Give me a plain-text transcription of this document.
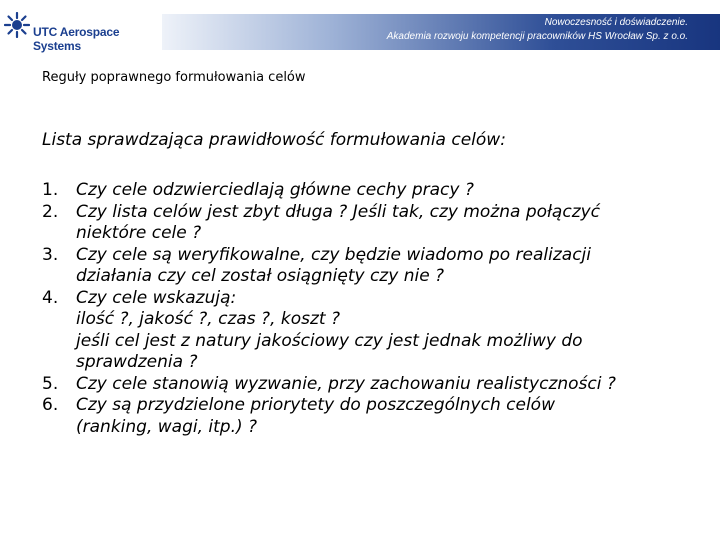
UTC Aerospace Systems
Nowoczesność i doświadczenie.
Akademia rozwoju kompetencji pracowników HS Wrocław Sp. z o.o.
Reguły poprawnego formułowania celów
Lista sprawdzająca prawidłowość formułowania celów:
1.	Czy cele odzwierciedlają główne cechy pracy ?
2.	Czy lista celów jest zbyt długa ? Jeśli tak, czy można połączyć
niektóre cele ?
3.	Czy cele są weryfikowalne, czy będzie wiadomo po realizacji
działania czy cel został osiągnięty czy nie ?
4.	Czy cele wskazują:
ilość ?, jakość ?, czas ?, koszt ?
jeśli cel jest z natury jakościowy czy jest jednak możliwy do
sprawdzenia ?
5.	Czy cele stanowią wyzwanie, przy zachowaniu realistyczności ?
6.	Czy są przydzielone priorytety do poszczególnych celów
(ranking, wagi, itp.) ?
